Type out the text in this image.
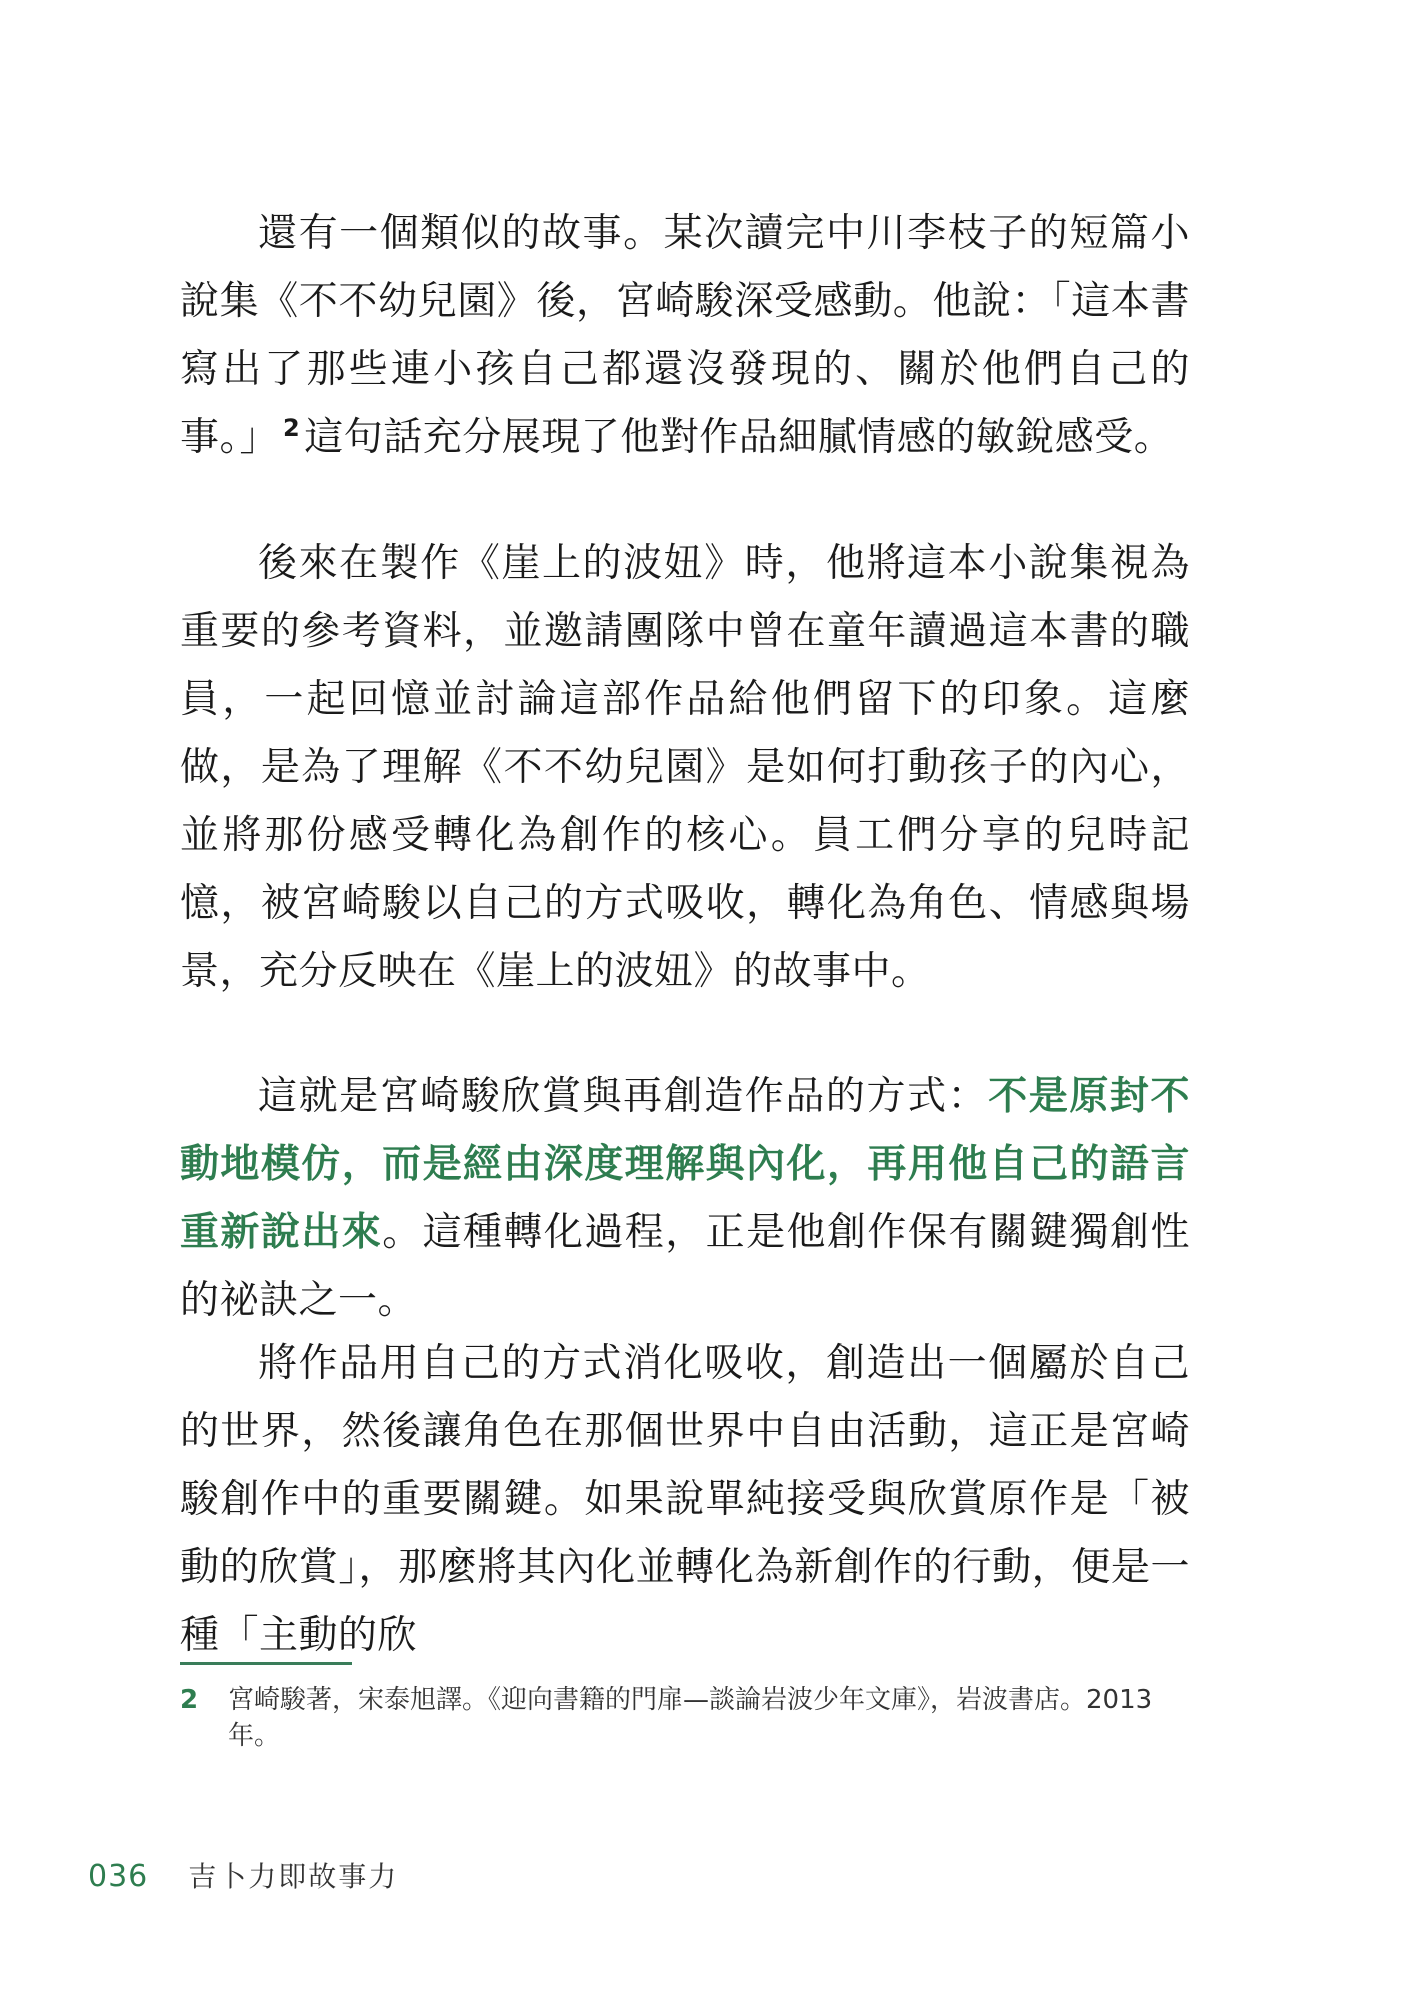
還有一個類似的故事。某次讀完中川李枝子的短篇小說集《不不幼兒園》後，宮崎駿深受感動。他說：「這本書寫出了那些連小孩自己都還沒發現的、關於他們自己的事。」 $^2$ 這句話充分展現了他對作品細膩情感的敏銳感受。

後來在製作《崖上的波妞》時，他將這本小說集視為重要的參考資料，並邀請團隊中曾在童年讀過這本書的職員，一起回憶並討論這部作品給他們留下的印象。這麼做，是為了理解《不不幼兒園》是如何打動孩子的內心，並將那份感受轉化為創作的核心。員工們分享的兒時記憶，被宮崎駿以自己的方式吸收，轉化為角色、情感與場景，充分反映在《崖上的波妞》的故事中。

這就是宮崎駿欣賞與再創造作品的方式：不是原封不動地模仿，而是經由深度理解與內化，再用他自己的語言重新說出來。這種轉化過程，正是他創作保有關鍵獨創性的祕訣之一。

將作品用自己的方式消化吸收，創造出一個屬於自己的世界，然後讓角色在那個世界中自由活動，這正是宮崎駿創作中的重要關鍵。如果說單純接受與欣賞原作是「被動的欣賞」，那麼將其內化並轉化為新創作的行動，便是一種「主動的欣

2	宮崎駿著，宋泰旭譯。《迎向書籍的門扉—談論岩波少年文庫》，岩波書店。2013 年。
036 吉卜力即故事力
